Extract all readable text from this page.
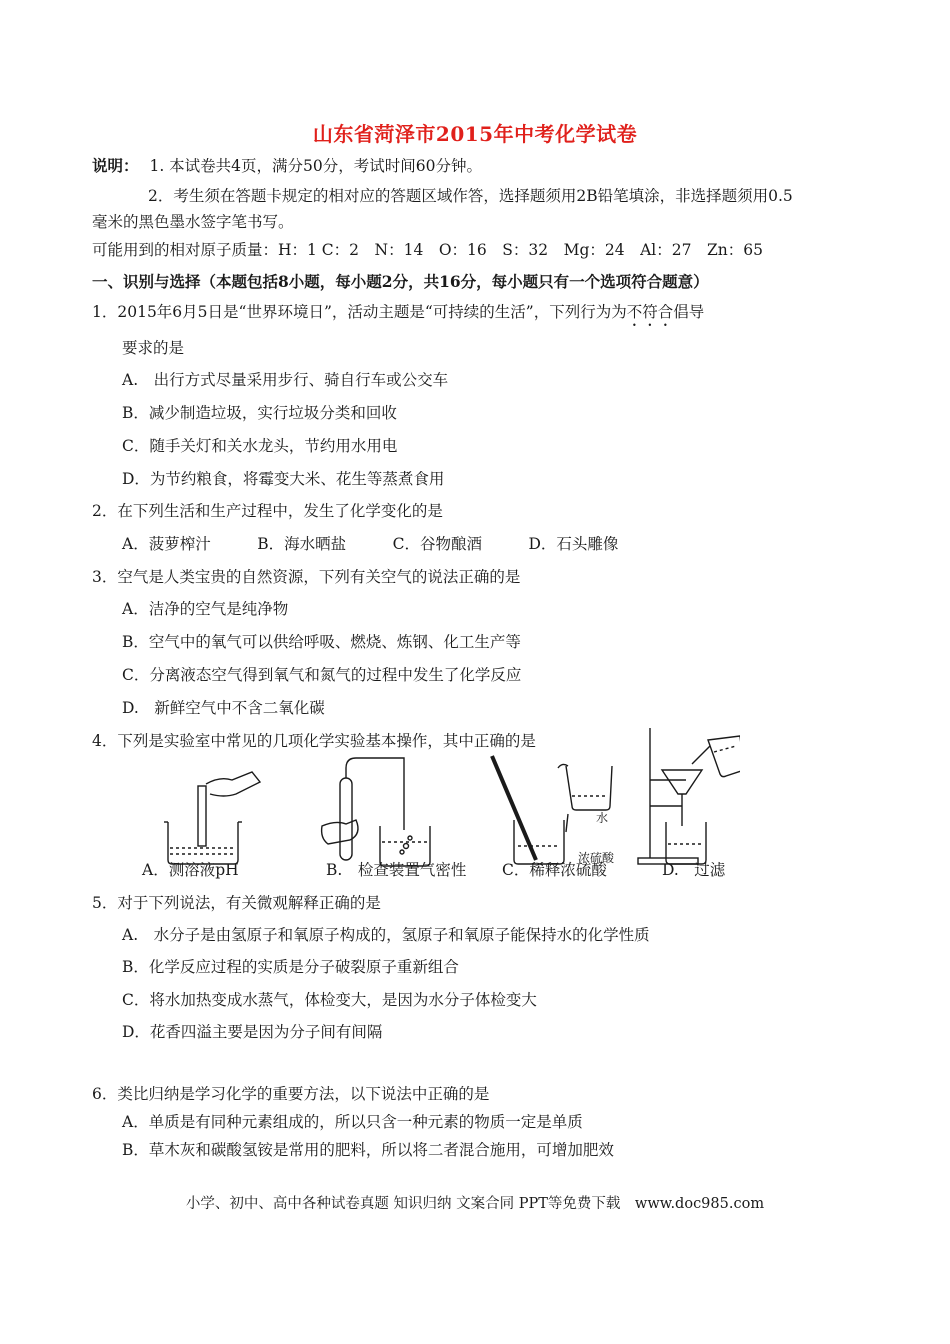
山东省菏泽市2015年中考化学试卷
说明： 1. 本试卷共4页，满分50分，考试时间60分钟。
2．考生须在答题卡规定的相对应的答题区域作答，选择题须用2B铅笔填涂，非选择题须用0.5
毫米的黑色墨水签字笔书写。
可能用到的相对原子质量：H：1 C：2　N：14　O：16　S：32　Mg：24　Al：27　Zn：65
一、识别与选择（本题包括8小题，每小题2分，共16分，每小题只有一个选项符合题意）
1．2015年6月5日是“世界环境日”，活动主题是“可持续的生活”，下列行为为不符合倡导
要求的是
A.　出行方式尽量采用步行、骑自行车或公交车
B．减少制造垃圾，实行垃圾分类和回收
C．随手关灯和关水龙头，节约用水用电
D．为节约粮食，将霉变大米、花生等蒸煮食用
2．在下列生活和生产过程中，发生了化学变化的是
A．菠萝榨汁　　　B．海水晒盐　　　C．谷物酿酒　　　D．石头雕像
3．空气是人类宝贵的自然资源，下列有关空气的说法正确的是
A．洁净的空气是纯净物
B．空气中的氧气可以供给呼吸、燃烧、炼钢、化工生产等
C．分离液态空气得到氧气和氮气的过程中发生了化学反应
D.　新鲜空气中不含二氧化碳
4．下列是实验室中常见的几项化学实验基本操作，其中正确的是
水
浓硫酸
A．测溶液pH	B.　检查装置气密性 C．稀释浓硫酸	D.　过滤
5．对于下列说法，有关微观解释正确的是
A.　水分子是由氢原子和氧原子构成的，氢原子和氧原子能保持水的化学性质
B．化学反应过程的实质是分子破裂原子重新组合
C．将水加热变成水蒸气，体检变大，是因为水分子体检变大
D．花香四溢主要是因为分子间有间隔
6．类比归纳是学习化学的重要方法，以下说法中正确的是
A．单质是有同种元素组成的，所以只含一种元素的物质一定是单质
B．草木灰和碳酸氢铵是常用的肥料，所以将二者混合施用，可增加肥效
小学、初中、高中各种试卷真题 知识归纳 文案合同 PPT等免费下载　www.doc985.com
